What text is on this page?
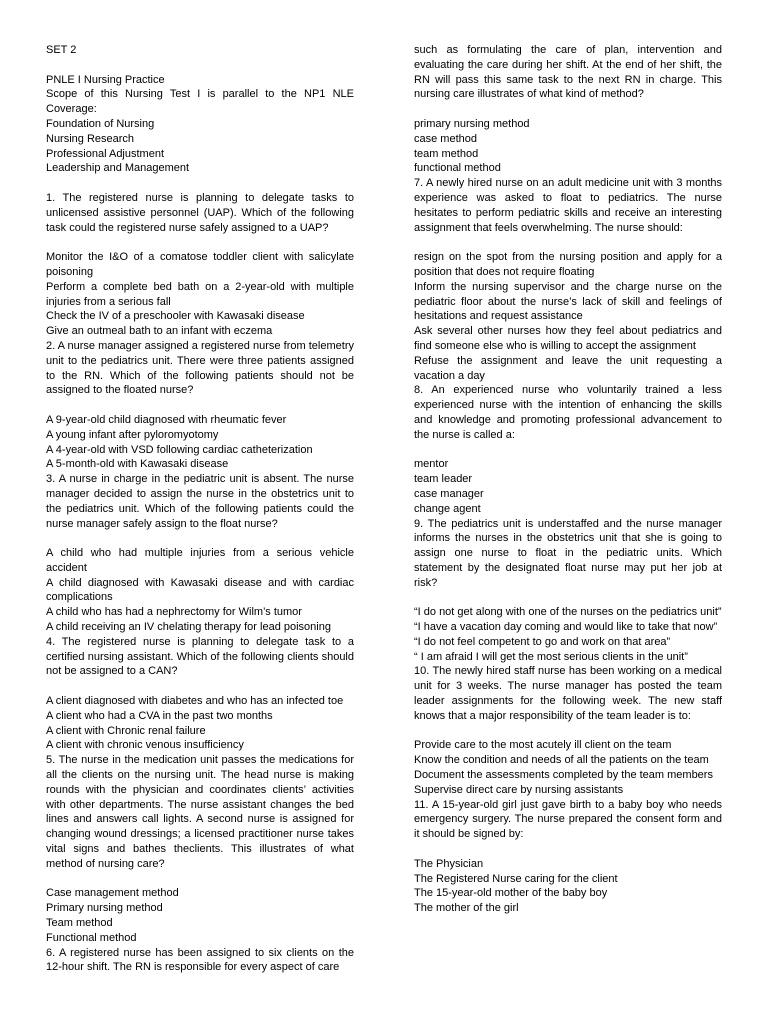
SET 2

PNLE I Nursing Practice

Scope of this Nursing Test I is parallel to the NP1 NLE Coverage:

Foundation of Nursing

Nursing Research

Professional Adjustment

Leadership and Management

1. The registered nurse is planning to delegate tasks to unlicensed assistive personnel (UAP). Which of the following task could the registered nurse safely assigned to a UAP?

Monitor the I&O of a comatose toddler client with salicylate poisoning

Perform a complete bed bath on a 2-year-old with multiple injuries from a serious fall

Check the IV of a preschooler with Kawasaki disease

Give an outmeal bath to an infant with eczema

2. A nurse manager assigned a registered nurse from telemetry unit to the pediatrics unit. There were three patients assigned to the RN. Which of the following patients should not be assigned to the floated nurse?

A 9-year-old child diagnosed with rheumatic fever

A young infant after pyloromyotomy

A 4-year-old with VSD following cardiac catheterization

A 5-month-old with Kawasaki disease

3. A nurse in charge in the pediatric unit is absent. The nurse manager decided to assign the nurse in the obstetrics unit to the pediatrics unit. Which of the following patients could the nurse manager safely assign to the float nurse?

A child who had multiple injuries from a serious vehicle accident

A child diagnosed with Kawasaki disease and with cardiac complications

A child who has had a nephrectomy for Wilm’s tumor

A child receiving an IV chelating therapy for lead poisoning

4. The registered nurse is planning to delegate task to a certified nursing assistant. Which of the following clients should not be assigned to a CAN?

A client diagnosed with diabetes and who has an infected toe

A client who had a CVA in the past two months

A client with Chronic renal failure

A client with chronic venous insufficiency

5. The nurse in the medication unit passes the medications for all the clients on the nursing unit. The head nurse is making rounds with the physician and coordinates clients’ activities with other departments. The nurse assistant changes the bed lines and answers call lights. A second nurse is assigned for changing wound dressings; a licensed practitioner nurse takes vital signs and bathes theclients. This illustrates of what method of nursing care?

Case management method

Primary nursing method

Team method

Functional method

6. A registered nurse has been assigned to six clients on the 12-hour shift. The RN is responsible for every aspect of care

such as formulating the care of plan, intervention and evaluating the care during her shift. At the end of her shift, the RN will pass this same task to the next RN in charge. This nursing care illustrates of what kind of method?

primary nursing method

case method

team method

functional method

7. A newly hired nurse on an adult medicine unit with 3 months experience was asked to float to pediatrics. The nurse hesitates to perform pediatric skills and receive an interesting assignment that feels overwhelming. The nurse should:

resign on the spot from the nursing position and apply for a position that does not require floating

Inform the nursing supervisor and the charge nurse on the pediatric floor about the nurse’s lack of skill and feelings of hesitations and request assistance

Ask several other nurses how they feel about pediatrics and find someone else who is willing to accept the assignment

Refuse the assignment and leave the unit requesting a vacation a day

8. An experienced nurse who voluntarily trained a less experienced nurse with the intention of enhancing the skills and knowledge and promoting professional advancement to the nurse is called a:

mentor

team leader

case manager

change agent

9. The pediatrics unit is understaffed and the nurse manager informs the nurses in the obstetrics unit that she is going to assign one nurse to float in the pediatric units. Which statement by the designated float nurse may put her job at risk?

“I do not get along with one of the nurses on the pediatrics unit”

“I have a vacation day coming and would like to take that now”

“I do not feel competent to go and work on that area”

“ I am afraid I will get the most serious clients in the unit”

10. The newly hired staff nurse has been working on a medical unit for 3 weeks. The nurse manager has posted the team leader assignments for the following week. The new staff knows that a major responsibility of the team leader is to:

Provide care to the most acutely ill client on the team

Know the condition and needs of all the patients on the team

Document the assessments completed by the team members

Supervise direct care by nursing assistants

11. A 15-year-old girl just gave birth to a baby boy who needs emergency surgery. The nurse prepared the consent form and it should be signed by:

The Physician

The Registered Nurse caring for the client

The 15-year-old mother of the baby boy

The mother of the girl
